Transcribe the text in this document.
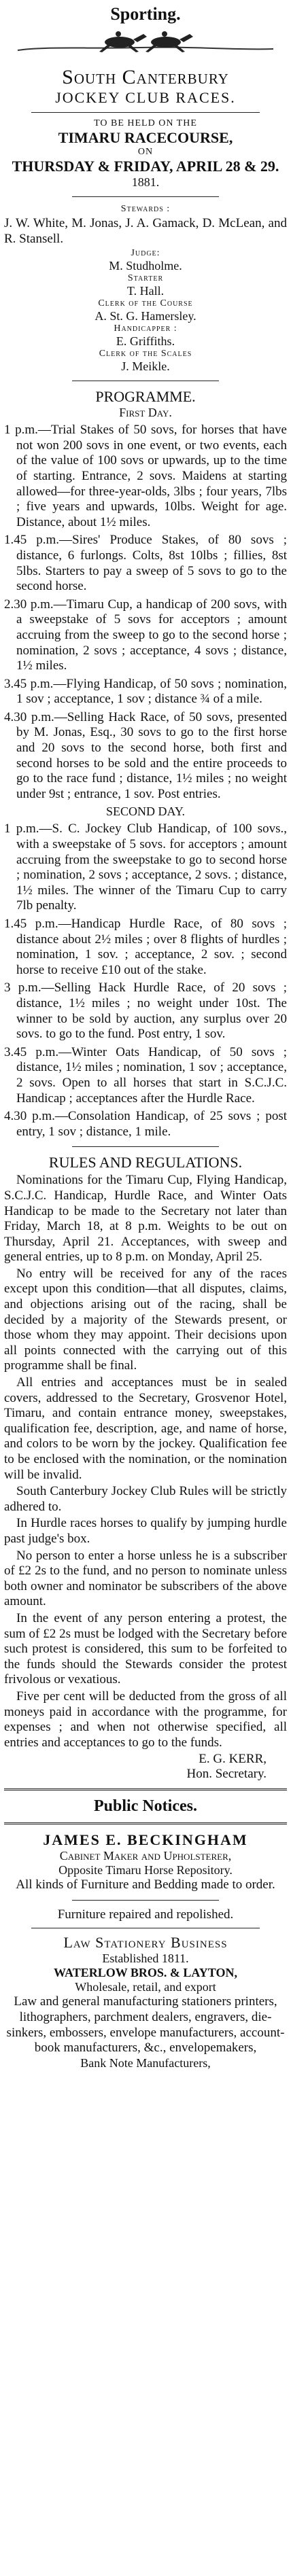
Sporting.
South Canterbury
JOCKEY CLUB RACES.
TO BE HELD ON THE
TIMARU RACECOURSE,
ON
THURSDAY & FRIDAY, APRIL 28 & 29.
1881.
Stewards :
J. W. White, M. Jonas, J. A. Gamack, D. McLean, and R. Stansell.
Judge:
M. Studholme.
Starter
T. Hall.
Clerk of the Course
A. St. G. Hamersley.
Handicapper :
E. Griffiths.
Clerk of the Scales
J. Meikle.
PROGRAMME.
First Day.
1 p.m.—Trial Stakes of 50 sovs, for horses that have not won 200 sovs in one event, or two events, each of the value of 100 sovs or upwards, up to the time of starting. Entrance, 2 sovs. Maidens at starting allowed—for three-year-olds, 3lbs ; four years, 7lbs ; five years and upwards, 10lbs. Weight for age. Distance, about 1½ miles.
1.45 p.m.—Sires' Produce Stakes, of 80 sovs ; distance, 6 furlongs. Colts, 8st 10lbs ; fillies, 8st 5lbs. Starters to pay a sweep of 5 sovs to go to the second horse.
2.30 p.m.—Timaru Cup, a handicap of 200 sovs, with a sweepstake of 5 sovs for acceptors ; amount accruing from the sweep to go to the second horse ; nomination, 2 sovs ; acceptance, 4 sovs ; distance, 1½ miles.
3.45 p.m.—Flying Handicap, of 50 sovs ; nomination, 1 sov ; acceptance, 1 sov ; distance ¾ of a mile.
4.30 p.m.—Selling Hack Race, of 50 sovs, presented by M. Jonas, Esq., 30 sovs to go to the first horse and 20 sovs to the second horse, both first and second horses to be sold and the entire proceeds to go to the race fund ; distance, 1½ miles ; no weight under 9st ; entrance, 1 sov. Post entries.
SECOND DAY.
1 p.m.—S. C. Jockey Club Handicap, of 100 sovs., with a sweepstake of 5 sovs. for acceptors ; amount accruing from the sweepstake to go to second horse ; nomination, 2 sovs ; acceptance, 2 sovs. ; distance, 1½ miles. The winner of the Timaru Cup to carry 7lb penalty.
1.45 p.m.—Handicap Hurdle Race, of 80 sovs ; distance about 2½ miles ; over 8 flights of hurdles ; nomination, 1 sov. ; acceptance, 2 sov. ; second horse to receive £10 out of the stake.
3 p.m.—Selling Hack Hurdle Race, of 20 sovs ; distance, 1½ miles ; no weight under 10st. The winner to be sold by auction, any surplus over 20 sovs. to go to the fund. Post entry, 1 sov.
3.45 p.m.—Winter Oats Handicap, of 50 sovs ; distance, 1½ miles ; nomination, 1 sov ; acceptance, 2 sovs. Open to all horses that start in S.C.J.C. Handicap ; acceptances after the Hurdle Race.
4.30 p.m.—Consolation Handicap, of 25 sovs ; post entry, 1 sov ; distance, 1 mile.
RULES AND REGULATIONS.
Nominations for the Timaru Cup, Flying Handicap, S.C.J.C. Handicap, Hurdle Race, and Winter Oats Handicap to be made to the Secretary not later than Friday, March 18, at 8 p.m. Weights to be out on Thursday, April 21. Acceptances, with sweep and general entries, up to 8 p.m. on Monday, April 25.
No entry will be received for any of the races except upon this condition—that all disputes, claims, and objections arising out of the racing, shall be decided by a majority of the Stewards present, or those whom they may appoint. Their decisions upon all points connected with the carrying out of this programme shall be final.
All entries and acceptances must be in sealed covers, addressed to the Secretary, Grosvenor Hotel, Timaru, and contain entrance money, sweepstakes, qualification fee, description, age, and name of horse, and colors to be worn by the jockey. Qualification fee to be enclosed with the nomination, or the nomination will be invalid.
South Canterbury Jockey Club Rules will be strictly adhered to.
In Hurdle races horses to qualify by jumping hurdle past judge's box.
No person to enter a horse unless he is a subscriber of £2 2s to the fund, and no person to nominate unless both owner and nominator be subscribers of the above amount.
In the event of any person entering a protest, the sum of £2 2s must be lodged with the Secretary before such protest is considered, this sum to be forfeited to the funds should the Stewards consider the protest frivolous or vexatious.
Five per cent will be deducted from the gross of all moneys paid in accordance with the programme, for expenses ; and when not otherwise specified, all entries and acceptances to go to the funds.
E. G. KERR,
Hon. Secretary.
Public Notices.
JAMES E. BECKINGHAM
Cabinet Maker and Upholsterer,
Opposite Timaru Horse Repository.
All kinds of Furniture and Bedding made to order.
Furniture repaired and repolished.
Law Stationery Business
Established 1811.
WATERLOW BROS. & LAYTON,
Wholesale, retail, and export
Law and general manufacturing stationers printers, lithographers, parchment dealers, engravers, die-sinkers, embossers, envelope manufacturers, account-book manufacturers, &c., envelopemakers,
Bank Note Manufacturers,
